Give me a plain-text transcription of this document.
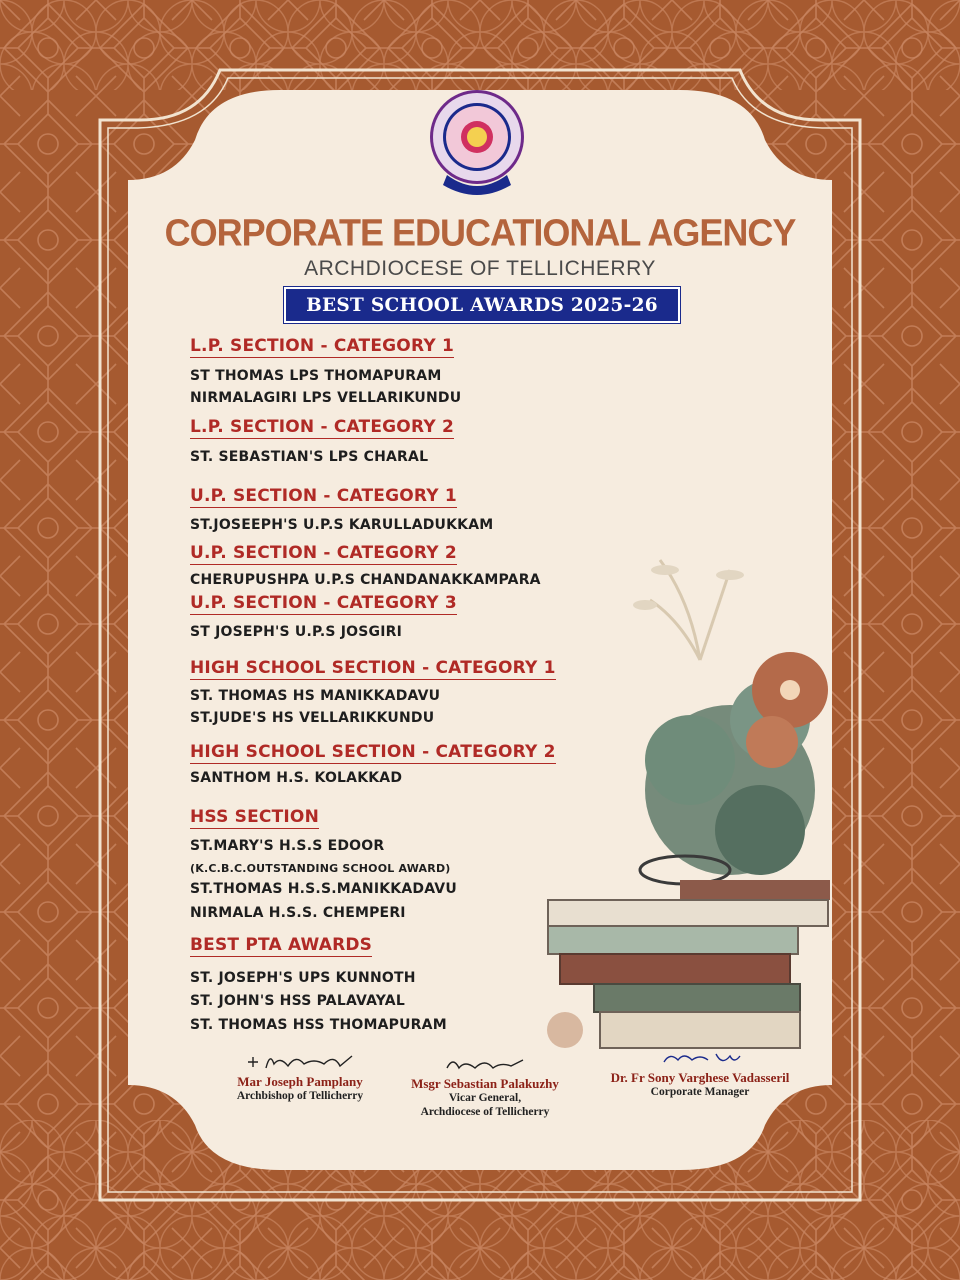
CORPORATE EDUCATIONAL AGENCY
ARCHDIOCESE OF TELLICHERRY
BEST SCHOOL AWARDS 2025-26
L.P. SECTION - CATEGORY 1
ST THOMAS LPS THOMAPURAM
NIRMALAGIRI LPS VELLARIKUNDU
L.P. SECTION - CATEGORY 2
ST. SEBASTIAN'S LPS CHARAL
U.P. SECTION - CATEGORY 1
ST.JOSEEPH'S U.P.S KARULLADUKKAM
U.P. SECTION - CATEGORY 2
CHERUPUSHPA U.P.S CHANDANAKKAMPARA
U.P. SECTION - CATEGORY 3
ST JOSEPH'S U.P.S JOSGIRI
HIGH SCHOOL SECTION - CATEGORY 1
ST. THOMAS HS MANIKKADAVU
ST.JUDE'S HS VELLARIKKUNDU
HIGH SCHOOL SECTION - CATEGORY 2
SANTHOM H.S. KOLAKKAD
HSS SECTION
ST.MARY'S H.S.S EDOOR
(K.C.B.C.OUTSTANDING SCHOOL AWARD)
ST.THOMAS H.S.S.MANIKKADAVU
NIRMALA H.S.S. CHEMPERI
BEST PTA AWARDS
ST. JOSEPH'S UPS KUNNOTH
ST. JOHN'S HSS PALAVAYAL
ST. THOMAS HSS THOMAPURAM
Mar Joseph Pamplany
Archbishop of Tellicherry
Msgr Sebastian Palakuzhy
Vicar General,
Archdiocese of Tellicherry
Dr. Fr Sony Varghese Vadasseril
Corporate Manager
